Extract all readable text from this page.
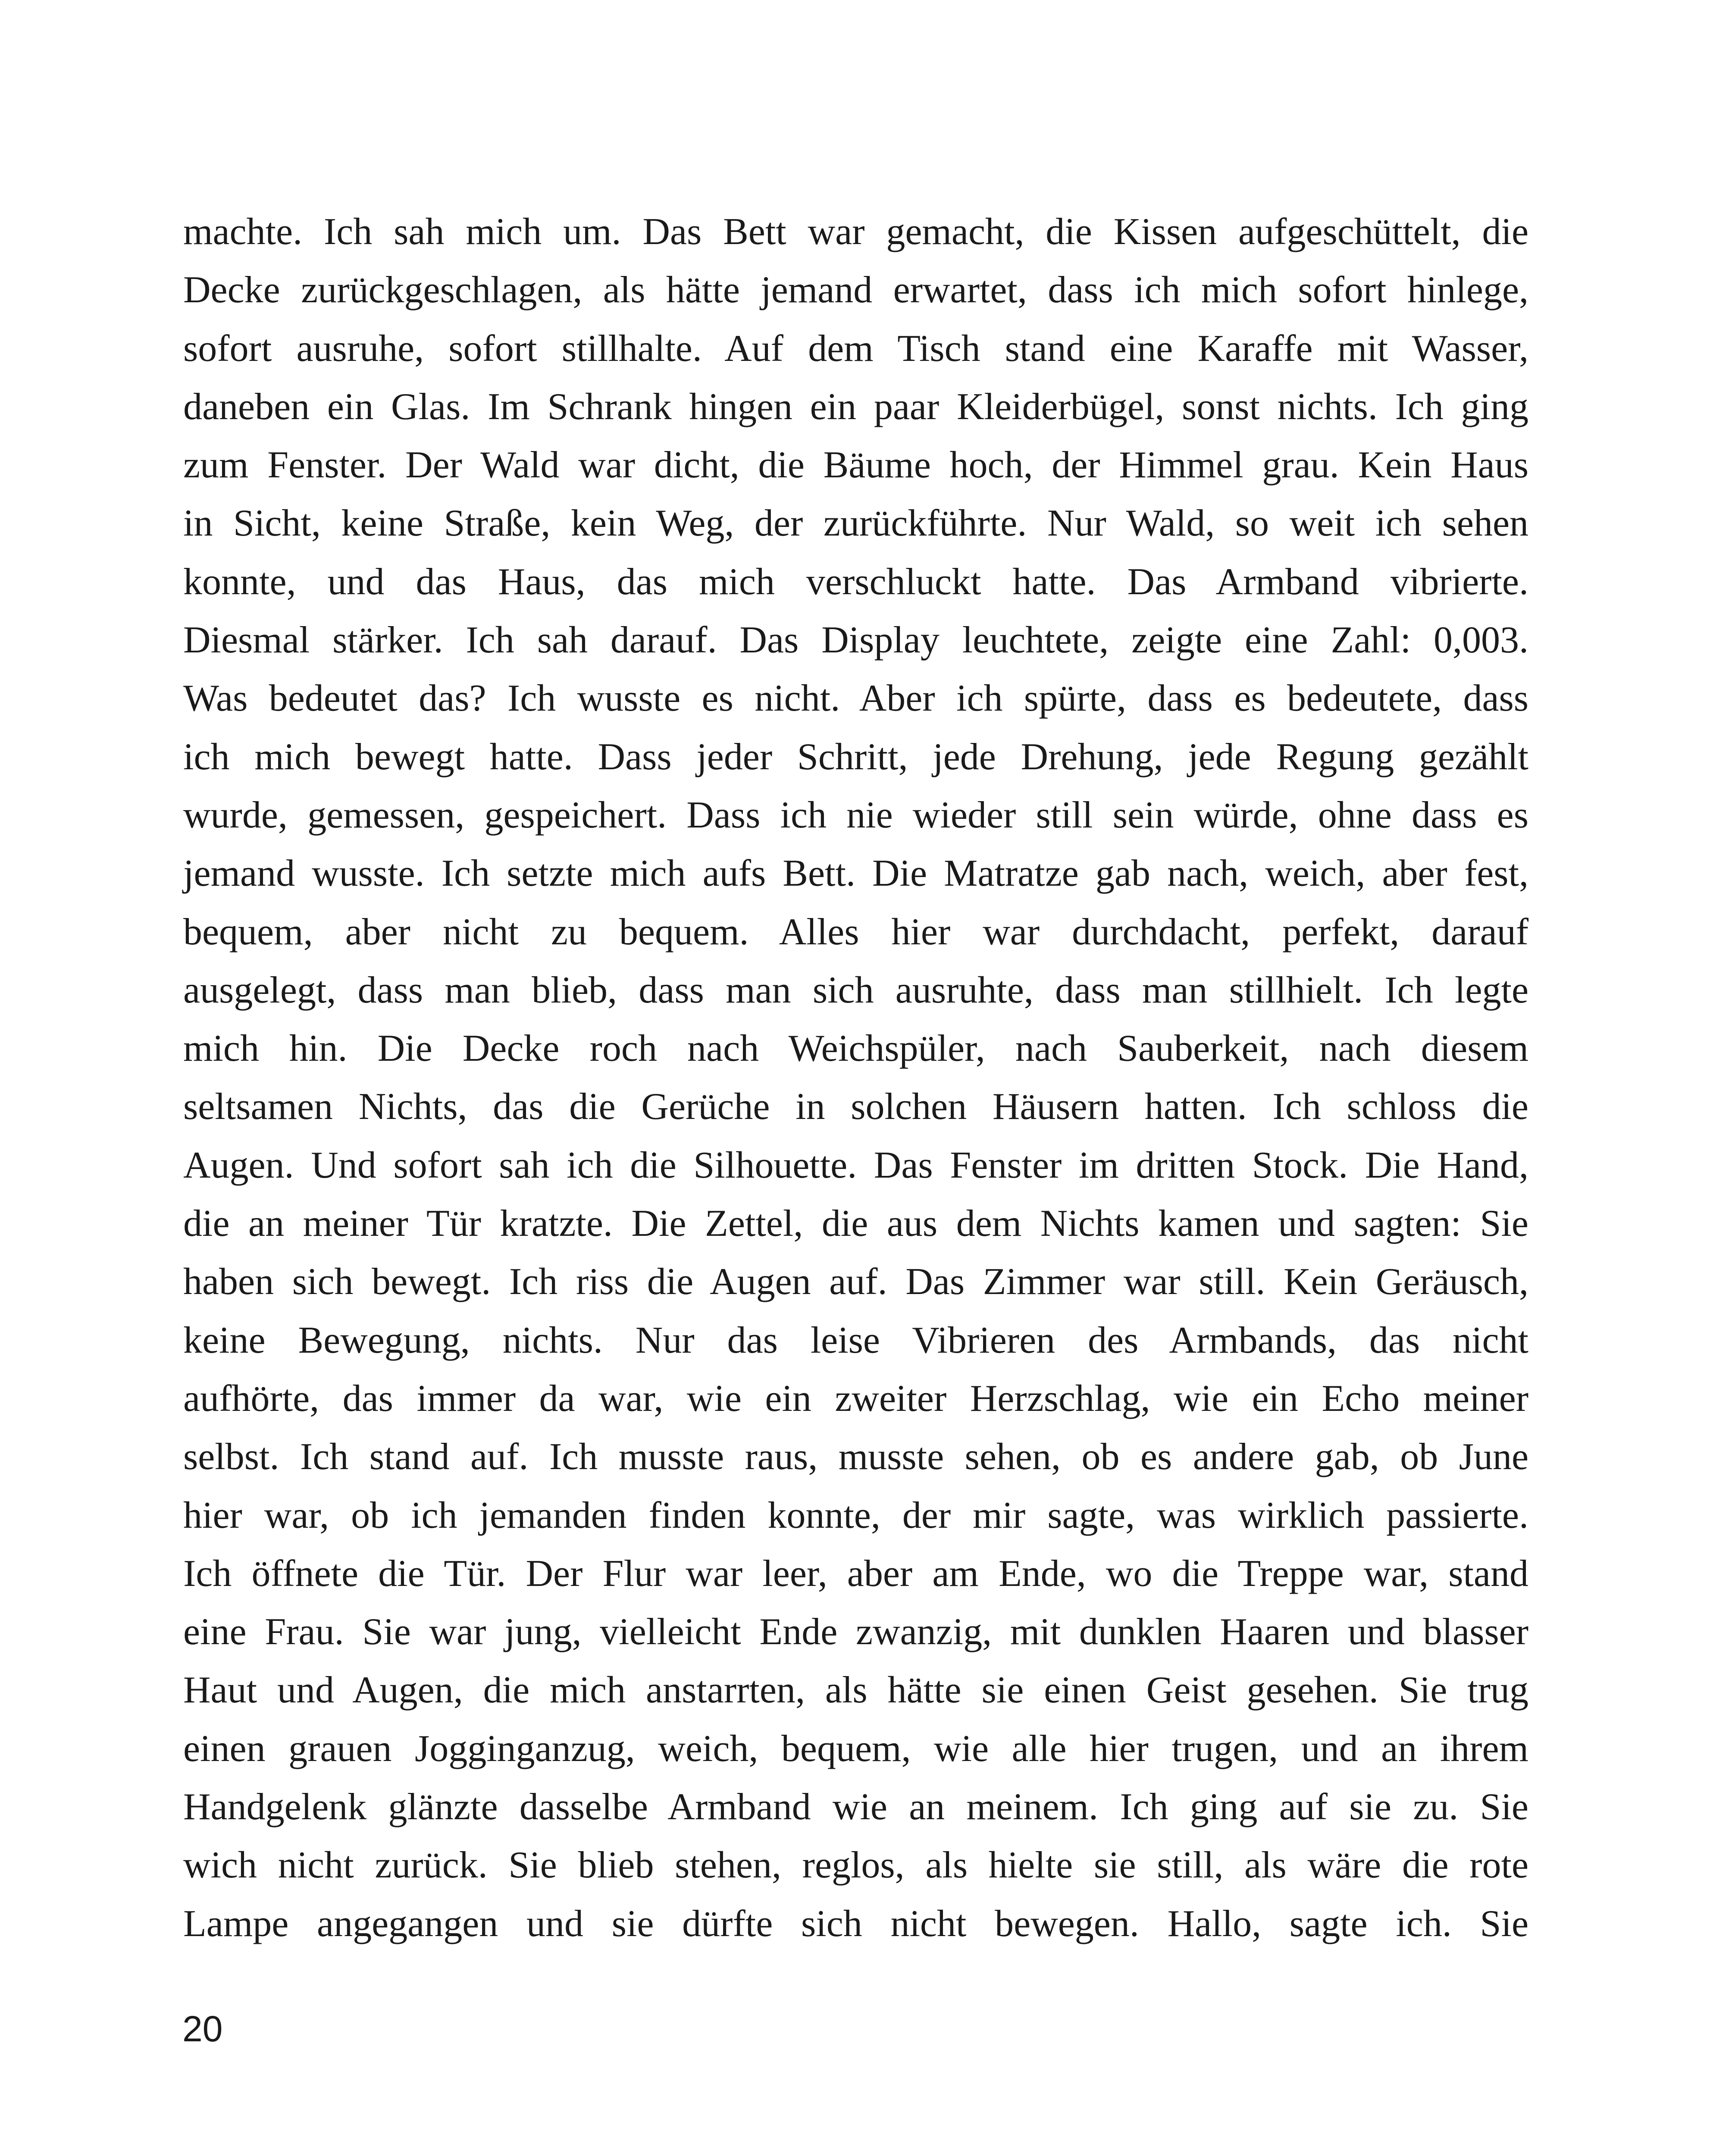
machte. Ich sah mich um. Das Bett war gemacht, die Kissen aufgeschüttelt, die
Decke zurückgeschlagen, als hätte jemand erwartet, dass ich mich sofort hinlege,
sofort ausruhe, sofort stillhalte. Auf dem Tisch stand eine Karaffe mit Wasser,
daneben ein Glas. Im Schrank hingen ein paar Kleiderbügel, sonst nichts. Ich ging
zum Fenster. Der Wald war dicht, die Bäume hoch, der Himmel grau. Kein Haus
in Sicht, keine Straße, kein Weg, der zurückführte. Nur Wald, so weit ich sehen
konnte, und das Haus, das mich verschluckt hatte. Das Armband vibrierte.
Diesmal stärker. Ich sah darauf. Das Display leuchtete, zeigte eine Zahl: 0,003.
Was bedeutet das? Ich wusste es nicht. Aber ich spürte, dass es bedeutete, dass
ich mich bewegt hatte. Dass jeder Schritt, jede Drehung, jede Regung gezählt
wurde, gemessen, gespeichert. Dass ich nie wieder still sein würde, ohne dass es
jemand wusste. Ich setzte mich aufs Bett. Die Matratze gab nach, weich, aber fest,
bequem, aber nicht zu bequem. Alles hier war durchdacht, perfekt, darauf
ausgelegt, dass man blieb, dass man sich ausruhte, dass man stillhielt. Ich legte
mich hin. Die Decke roch nach Weichspüler, nach Sauberkeit, nach diesem
seltsamen Nichts, das die Gerüche in solchen Häusern hatten. Ich schloss die
Augen. Und sofort sah ich die Silhouette. Das Fenster im dritten Stock. Die Hand,
die an meiner Tür kratzte. Die Zettel, die aus dem Nichts kamen und sagten: Sie
haben sich bewegt. Ich riss die Augen auf. Das Zimmer war still. Kein Geräusch,
keine Bewegung, nichts. Nur das leise Vibrieren des Armbands, das nicht
aufhörte, das immer da war, wie ein zweiter Herzschlag, wie ein Echo meiner
selbst. Ich stand auf. Ich musste raus, musste sehen, ob es andere gab, ob June
hier war, ob ich jemanden finden konnte, der mir sagte, was wirklich passierte.
Ich öffnete die Tür. Der Flur war leer, aber am Ende, wo die Treppe war, stand
eine Frau. Sie war jung, vielleicht Ende zwanzig, mit dunklen Haaren und blasser
Haut und Augen, die mich anstarrten, als hätte sie einen Geist gesehen. Sie trug
einen grauen Jogginganzug, weich, bequem, wie alle hier trugen, und an ihrem
Handgelenk glänzte dasselbe Armband wie an meinem. Ich ging auf sie zu. Sie
wich nicht zurück. Sie blieb stehen, reglos, als hielte sie still, als wäre die rote
Lampe angegangen und sie dürfte sich nicht bewegen. Hallo, sagte ich. Sie
20
